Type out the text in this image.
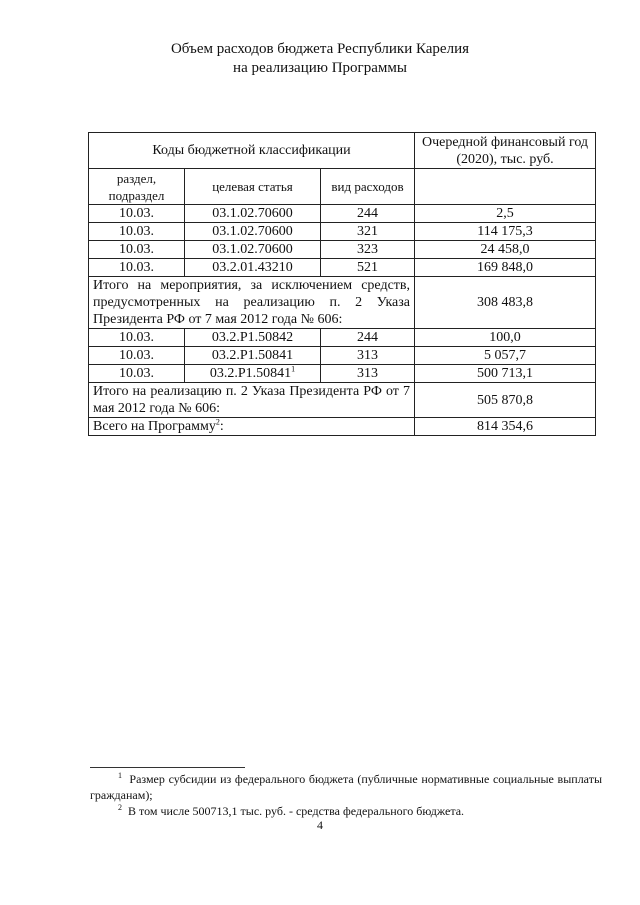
Объем расходов бюджета Республики Карелия
на реализацию Программы
Коды бюджетной классификации			Очередной финансовый год (2020), тыс. руб.
раздел, подраздел	целевая статья	вид расходов	
10.03.	03.1.02.70600	244	2,5
10.03.	03.1.02.70600	321	114 175,3
10.03.	03.1.02.70600	323	24 458,0
10.03.	03.2.01.43210	521	169 848,0
Итого на мероприятия, за исключением средств, предусмотренных на реализацию п. 2 Указа Президента РФ от 7 мая 2012 года № 606:			308 483,8
10.03.	03.2.P1.50842	244	100,0
10.03.	03.2.P1.50841	313	5 057,7
10.03.	03.2.P1.50841$^1$	313	500 713,1
Итого на реализацию п. 2 Указа Президента РФ от 7 мая 2012 года № 606:			505 870,8
Всего на Программу$^2$:			814 354,6
$^1$ Размер субсидии из федерального бюджета (публичные нормативные социальные выплаты гражданам);
$^2$ В том числе 500713,1 тыс. руб. - средства федерального бюджета.
4
